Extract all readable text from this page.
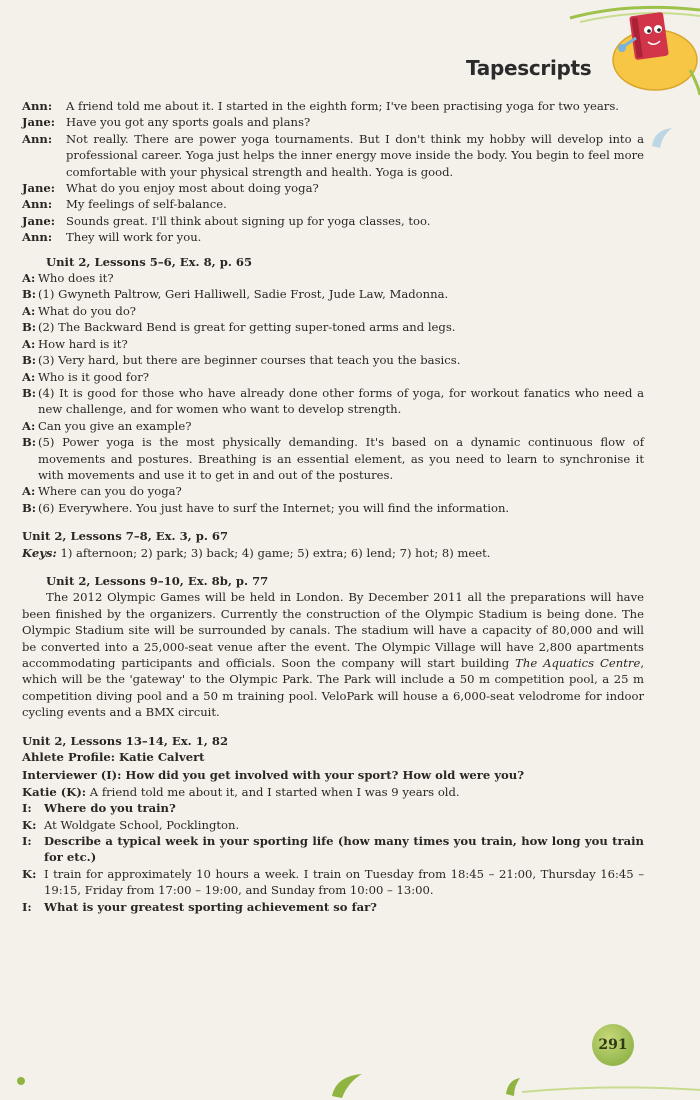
Tapescripts
Ann:	A friend told me about it. I started in the eighth form; I've been practising yoga for two years.
Jane: Have you got any sports goals and plans?
Ann:	Not really. There are power yoga tournaments. But I don't think my hobby will develop into a professional career. Yoga just helps the inner energy move inside the body. You begin to feel more comfortable with your physical strength and health. Yoga is good.
Jane: What do you enjoy most about doing yoga?
Ann:	My feelings of self-balance.
Jane: Sounds great. I'll think about signing up for yoga classes, too.
Ann:	They will work for you.
Unit 2, Lessons 5–6, Ex. 8, p. 65
A: Who does it?
B: (1) Gwyneth Paltrow, Geri Halliwell, Sadie Frost, Jude Law, Madonna.
A: What do you do?
B: (2) The Backward Bend is great for getting super-toned arms and legs.
A: How hard is it?
B: (3) Very hard, but there are beginner courses that teach you the basics.
A: Who is it good for?
B: (4) It is good for those who have already done other forms of yoga, for workout fanatics who need a new challenge, and for women who want to develop strength.
A: Can you give an example?
B: (5) Power yoga is the most physically demanding. It's based on a dynamic continuous flow of movements and postures. Breathing is an essential element, as you need to learn to synchronise it with movements and use it to get in and out of the postures.
A: Where can you do yoga?
B: (6) Everywhere. You just have to surf the Internet; you will find the information.
Unit 2, Lessons 7–8, Ex. 3, p. 67
Keys: 1) afternoon; 2) park; 3) back; 4) game; 5) extra; 6) lend; 7) hot; 8) meet.
Unit 2, Lessons 9–10, Ex. 8b, p. 77
The 2012 Olympic Games will be held in London. By December 2011 all the preparations will have been finished by the organizers. Currently the construction of the Olympic Stadium is being done. The Olympic Stadium site will be surrounded by canals. The stadium will have a capacity of 80,000 and will be converted into a 25,000-seat venue after the event. The Olympic Village will have 2,800 apartments accommodating participants and officials. Soon the company will start building The Aquatics Centre, which will be the 'gateway' to the Olympic Park. The Park will include a 50 m competition pool, a 25 m competition diving pool and a 50 m training pool. VeloPark will house a 6,000-seat velodrome for indoor cycling events and a BMX circuit.
Unit 2, Lessons 13–14, Ex. 1, 82
Ahlete Profile: Katie Calvert
Interviewer (I): How did you get involved with your sport? How old were you?
Katie (K): A friend told me about it, and I started when I was 9 years old.
I:	Where do you train?
K: At Woldgate School, Pocklington.
I:	Describe a typical week in your sporting life (how many times you train, how long you train for etc.)
K: I train for approximately 10 hours a week. I train on Tuesday from 18:45 – 21:00, Thursday 16:45 – 19:15, Friday from 17:00 – 19:00, and Sunday from 10:00 – 13:00.
I:	What is your greatest sporting achievement so far?
291
